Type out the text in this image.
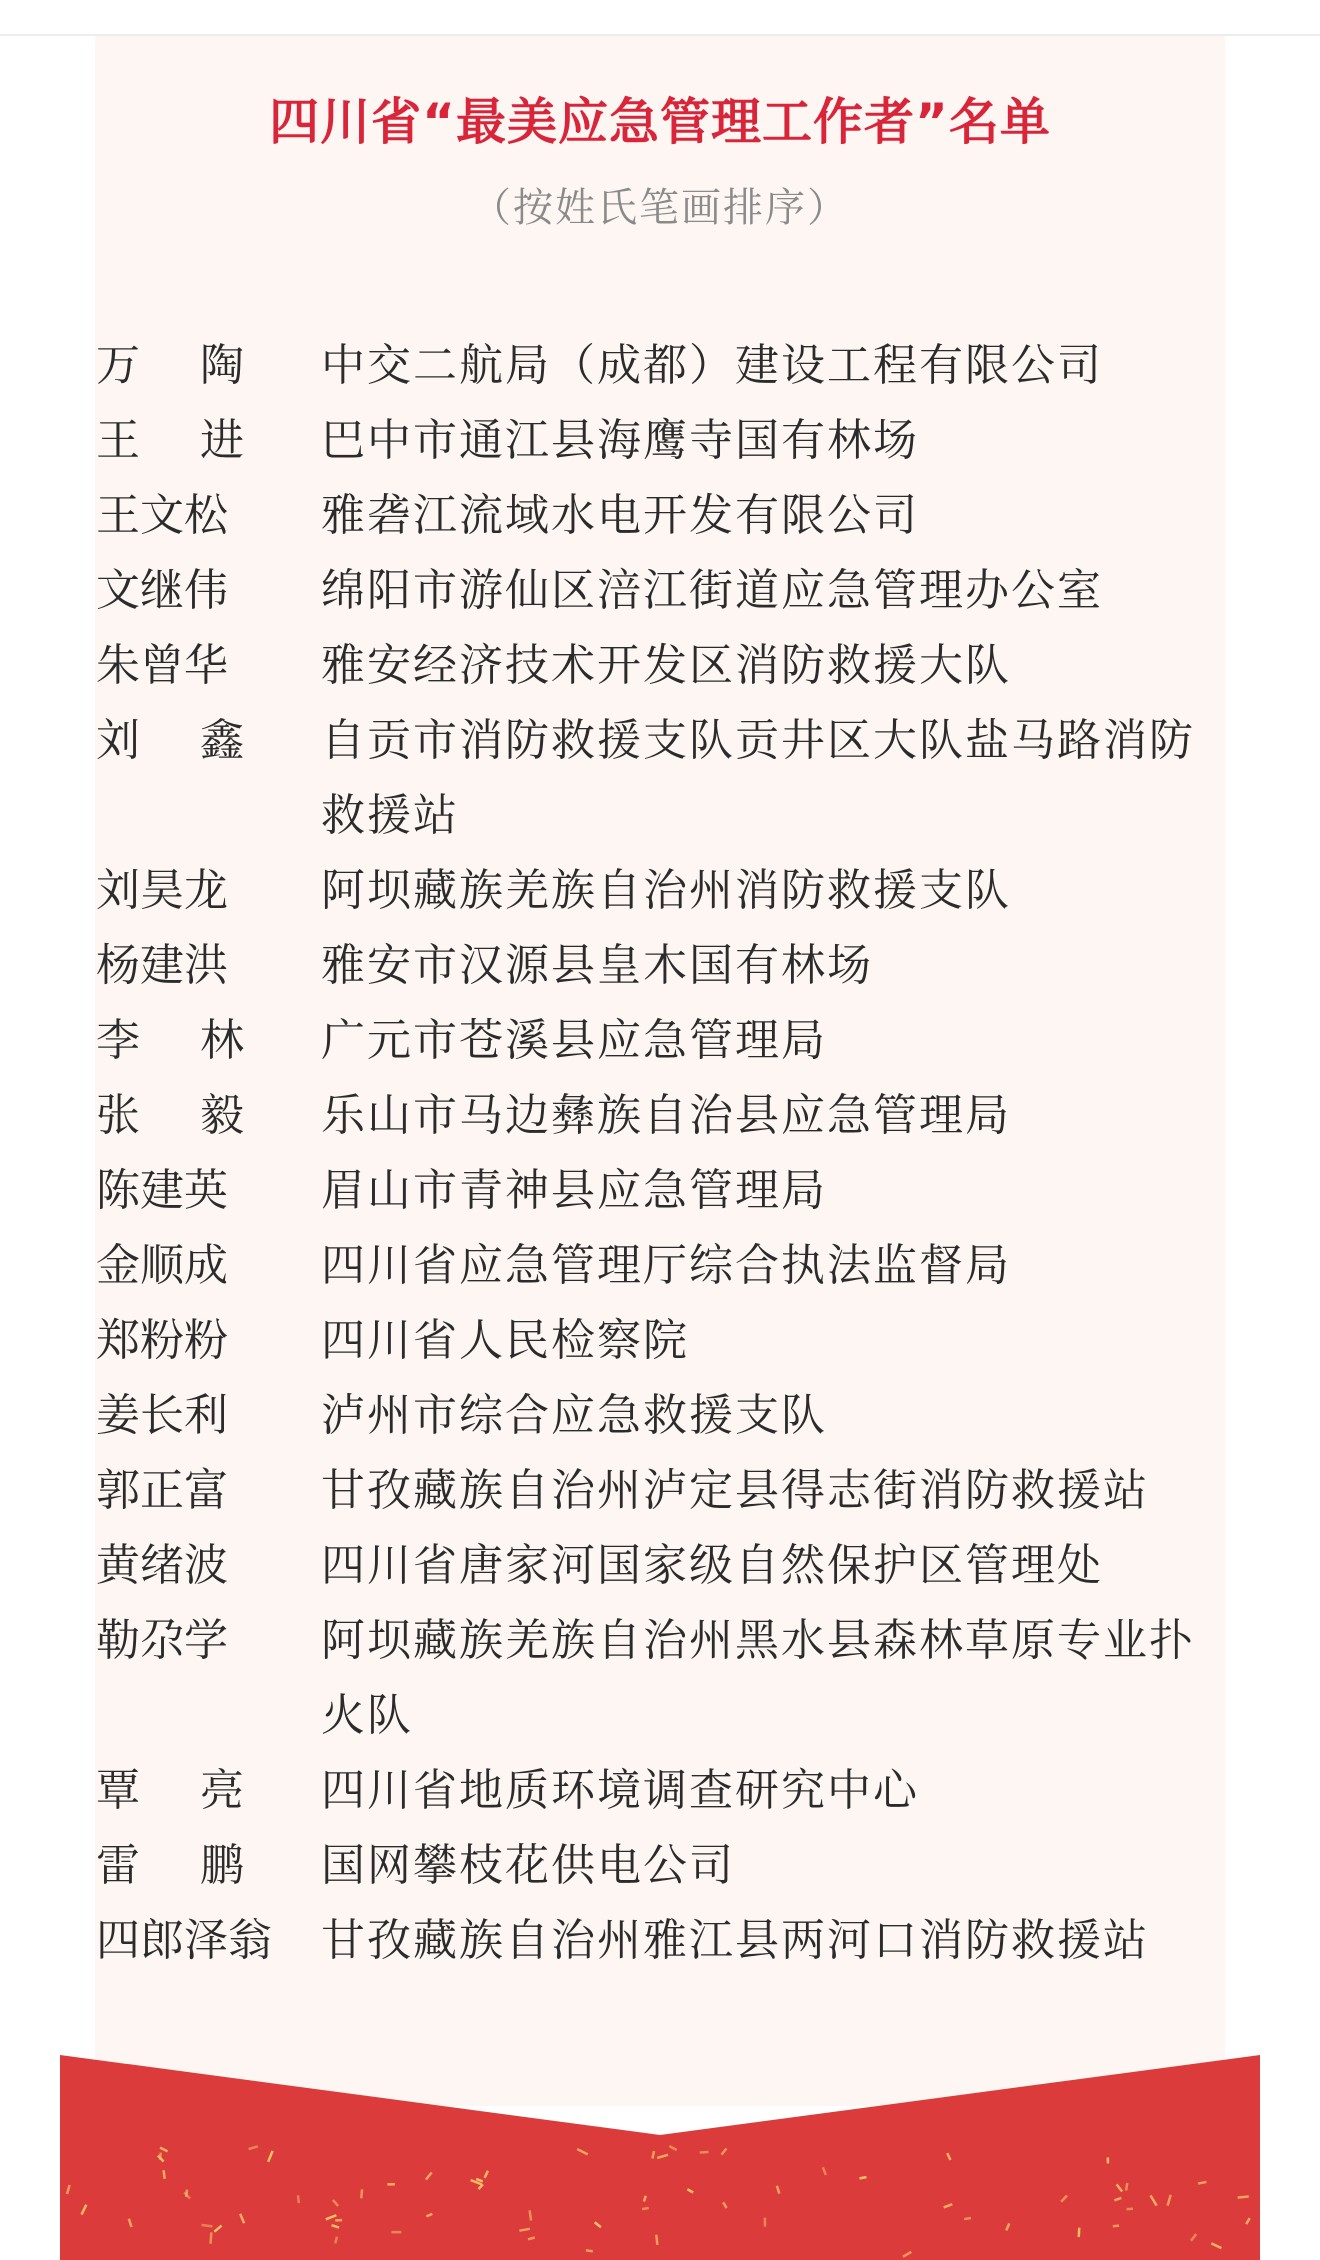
四川省“最美应急管理工作者”名单
（按姓氏笔画排序）
万 陶 中交二航局（成都）建设工程有限公司
王 进 巴中市通江县海鹰寺国有林场
王文松	雅砻江流域水电开发有限公司
文继伟	绵阳市游仙区涪江街道应急管理办公室
朱曾华	雅安经济技术开发区消防救援大队
刘 鑫 自贡市消防救援支队贡井区大队盐马路消防救援站
刘昊龙	阿坝藏族羌族自治州消防救援支队
杨建洪	雅安市汉源县皇木国有林场
李 林 广元市苍溪县应急管理局
张 毅 乐山市马边彝族自治县应急管理局
陈建英	眉山市青神县应急管理局
金顺成	四川省应急管理厅综合执法监督局
郑粉粉	四川省人民检察院
姜长利	泸州市综合应急救援支队
郭正富	甘孜藏族自治州泸定县得志街消防救援站
黄绪波	四川省唐家河国家级自然保护区管理处
勒尕学	阿坝藏族羌族自治州黑水县森林草原专业扑火队
覃 亮 四川省地质环境调查研究中心
雷 鹏 国网攀枝花供电公司
四郎泽翁	甘孜藏族自治州雅江县两河口消防救援站
